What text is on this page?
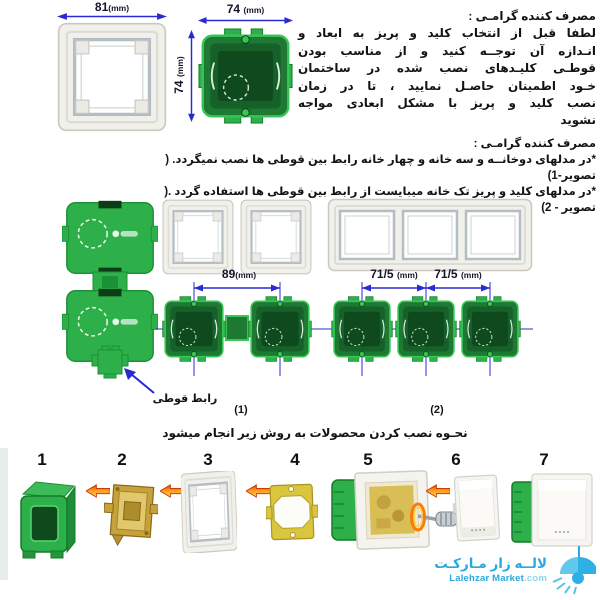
81(mm)	74 (mm)
74 (mm)
مصرف كننده گرامـی :
لطفا قبل از انتخاب كليد و پريز به ابعاد و
انـدازه آن توجــه كنيد و از مناسب بودن
قوطـی كليـدهای نصب شده در ساختمان
خـود اطمينان حاصـل نماييد ، تا در زمان
نصب كليد و پريز با مشكل ابعادی مواجه
نشويد
مصرف كننده گرامـی :
*در مدلهای دوخانــه و سه خانه و چهار خانه رابط بين قوطی ها نصب نميگردد. ( تصوير-1)
*در مدلهای كليد و پريز تک خانه ميبايست از رابط بين قوطی ها استفاده گردد .( تصوير - 2)
رابط قوطی
89(mm)
(1)
71/5 (mm)	71/5 (mm)
(2)
نحـوه نصب كردن محصولات به روش زير انجام ميشود
1	2	3	4	5	6	7
لالــه زار مـاركـت
Lalehzar Market.com
